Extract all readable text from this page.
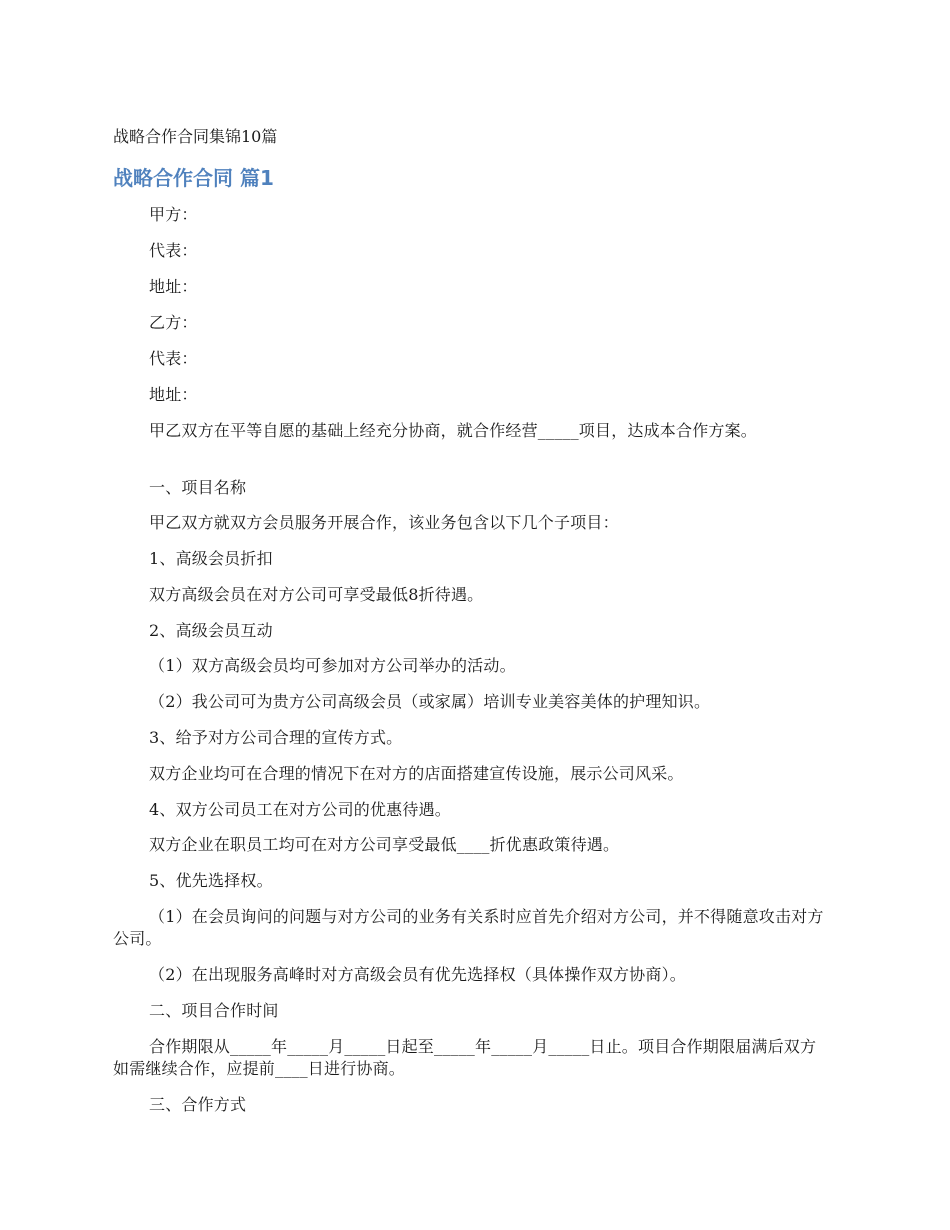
战略合作合同集锦10篇
战略合作合同 篇1

甲方：

代表：

地址：

乙方：

代表：

地址：

甲乙双方在平等自愿的基础上经充分协商，就合作经营_____项目，达成本合作方案。

一、项目名称

甲乙双方就双方会员服务开展合作，该业务包含以下几个子项目：

1、高级会员折扣

双方高级会员在对方公司可享受最低8折待遇。

2、高级会员互动

（1）双方高级会员均可参加对方公司举办的活动。

（2）我公司可为贵方公司高级会员（或家属）培训专业美容美体的护理知识。

3、给予对方公司合理的宣传方式。

双方企业均可在合理的情况下在对方的店面搭建宣传设施，展示公司风采。

4、双方公司员工在对方公司的优惠待遇。

双方企业在职员工均可在对方公司享受最低____折优惠政策待遇。

5、优先选择权。

（1）在会员询问的问题与对方公司的业务有关系时应首先介绍对方公司，并不得随意攻击对方公司。

（2）在出现服务高峰时对方高级会员有优先选择权（具体操作双方协商）。

二、项目合作时间

合作期限从_____年_____月_____日起至_____年_____月_____日止。项目合作期限届满后双方如需继续合作，应提前____日进行协商。

三、合作方式
